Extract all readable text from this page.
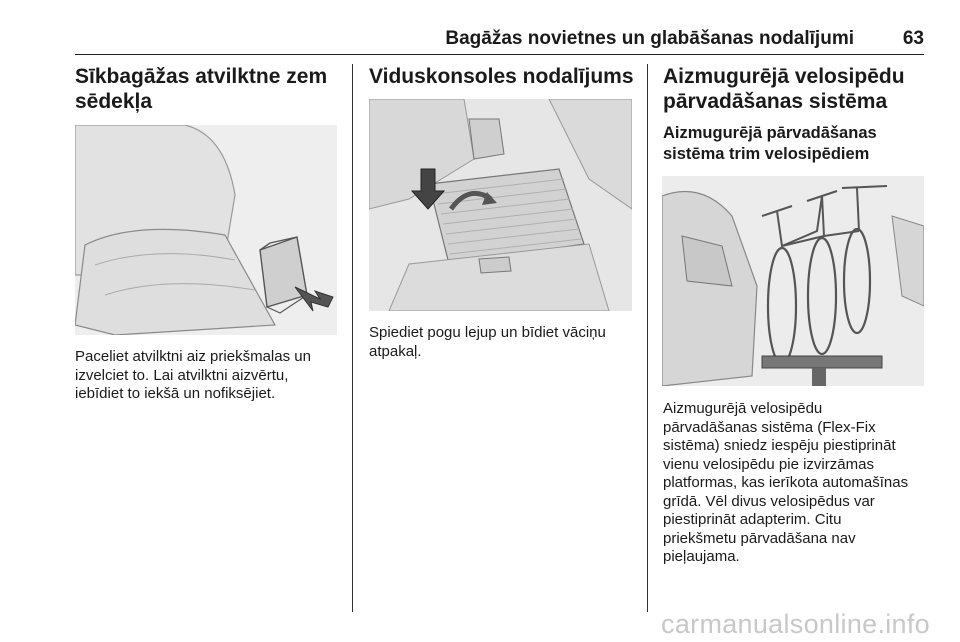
Bagāžas novietnes un glabāšanas nodalījumi	63

Sīkbagāžas atvilktne zem
sēdekļa

Paceliet atvilktni aiz priekšmalas un
izvelciet to. Lai atvilktni aizvērtu,
iebīdiet to iekšā un nofiksējiet.

Viduskonsoles nodalījums

Spiediet pogu lejup un bīdiet vāciņu
atpakaļ.

Aizmugurējā velosipēdu
pārvadāšanas sistēma

Aizmugurējā pārvadāšanas
sistēma trim velosipēdiem

Aizmugurējā velosipēdu
pārvadāšanas sistēma (Flex-Fix
sistēma) sniedz iespēju piestiprināt
vienu velosipēdu pie izvirzāmas
platformas, kas ierīkota automašīnas
grīdā. Vēl divus velosipēdus var
piestiprināt adapterim. Citu
priekšmetu pārvadāšana nav
pieļaujama.

carmanualsonline.info
